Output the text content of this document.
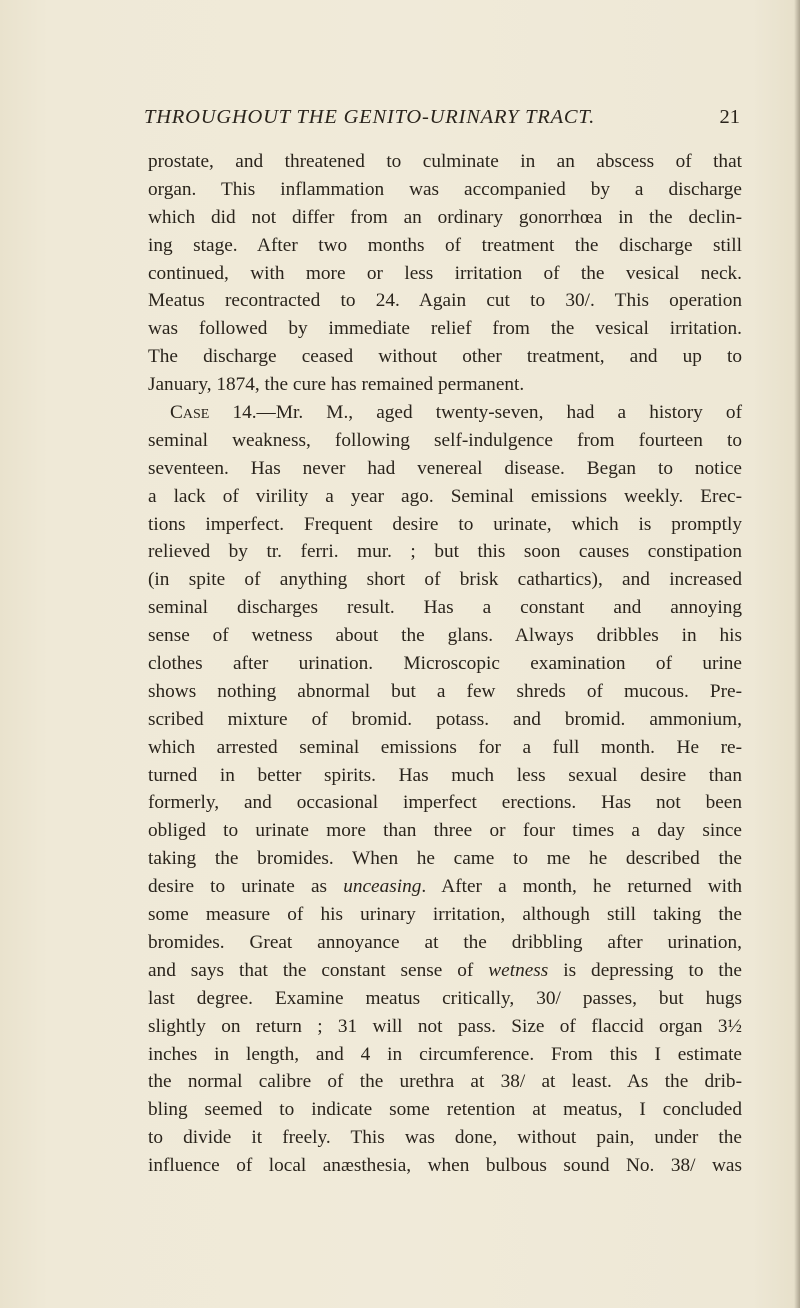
THROUGHOUT THE GENITO-URINARY TRACT.	21
prostate, and threatened to culminate in an abscess of that
organ. This inflammation was accompanied by a discharge
which did not differ from an ordinary gonorrhœa in the declin-
ing stage. After two months of treatment the discharge still
continued, with more or less irritation of the vesical neck.
Meatus recontracted to 24. Again cut to 30/. This operation
was followed by immediate relief from the vesical irritation.
The discharge ceased without other treatment, and up to
January, 1874, the cure has remained permanent.
Case 14.—Mr. M., aged twenty-seven, had a history of
seminal weakness, following self-indulgence from fourteen to
seventeen. Has never had venereal disease. Began to notice
a lack of virility a year ago. Seminal emissions weekly. Erec-
tions imperfect. Frequent desire to urinate, which is promptly
relieved by tr. ferri. mur. ; but this soon causes constipation
(in spite of anything short of brisk cathartics), and increased
seminal discharges result. Has a constant and annoying
sense of wetness about the glans. Always dribbles in his
clothes after urination. Microscopic examination of urine
shows nothing abnormal but a few shreds of mucous. Pre-
scribed mixture of bromid. potass. and bromid. ammonium,
which arrested seminal emissions for a full month. He re-
turned in better spirits. Has much less sexual desire than
formerly, and occasional imperfect erections. Has not been
obliged to urinate more than three or four times a day since
taking the bromides. When he came to me he described the
desire to urinate as unceasing. After a month, he returned with
some measure of his urinary irritation, although still taking the
bromides. Great annoyance at the dribbling after urination,
and says that the constant sense of wetness is depressing to the
last degree. Examine meatus critically, 30/ passes, but hugs
slightly on return ; 31 will not pass. Size of flaccid organ 3½
inches in length, and 4 in circumference. From this I estimate
the normal calibre of the urethra at 38/ at least. As the drib-
bling seemed to indicate some retention at meatus, I concluded
to divide it freely. This was done, without pain, under the
influence of local anæsthesia, when bulbous sound No. 38/ was
